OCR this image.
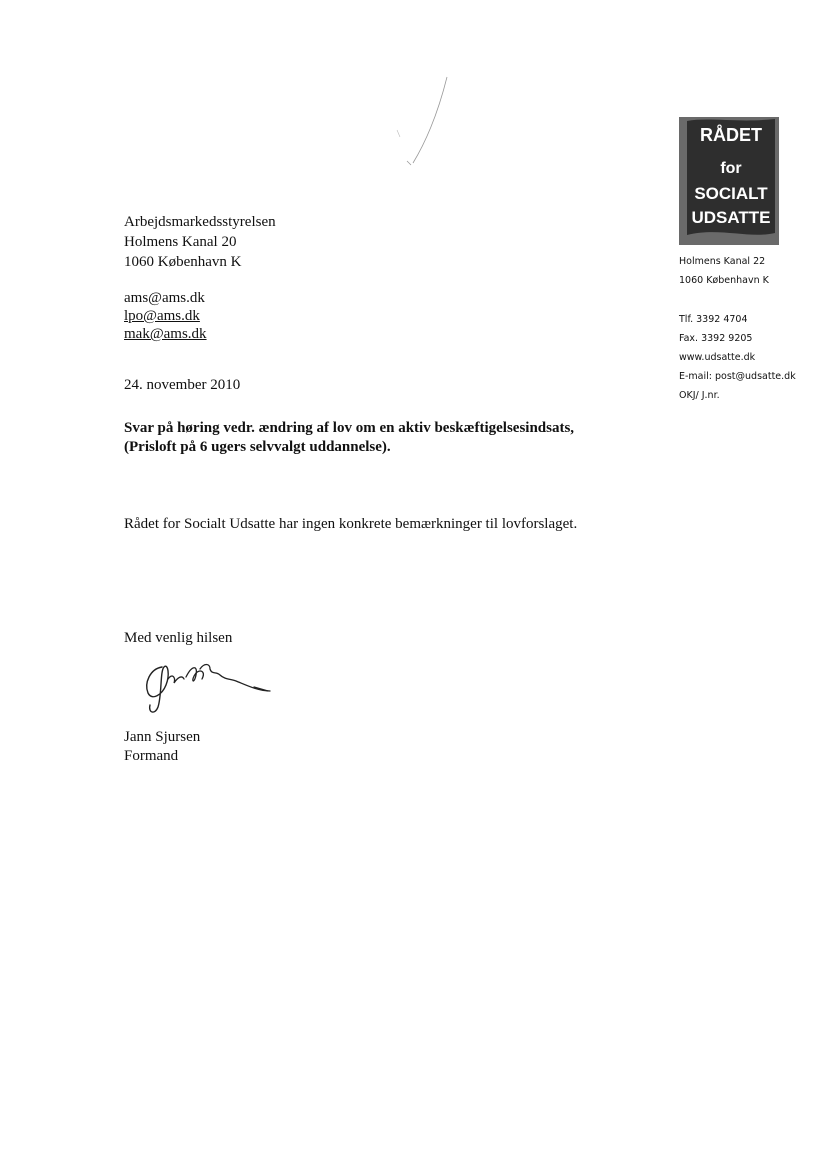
Arbejdsmarkedsstyrelsen
Holmens Kanal 20
1060 København K
ams@ams.dk
lpo@ams.dk
mak@ams.dk
24. november 2010
Svar på høring vedr. ændring af lov om en aktiv beskæftigelsesindsats,
(Prisloft på 6 ugers selvvalgt uddannelse).
Rådet for Socialt Udsatte har ingen konkrete bemærkninger til lovforslaget.
Med venlig hilsen
Jann Sjursen
Formand
RÅDET
for
SOCIALT
UDSATTE
Holmens Kanal 22
1060 København K
Tlf. 3392 4704
Fax. 3392 9205
www.udsatte.dk
E-mail: post@udsatte.dk
OKJ/ J.nr.
